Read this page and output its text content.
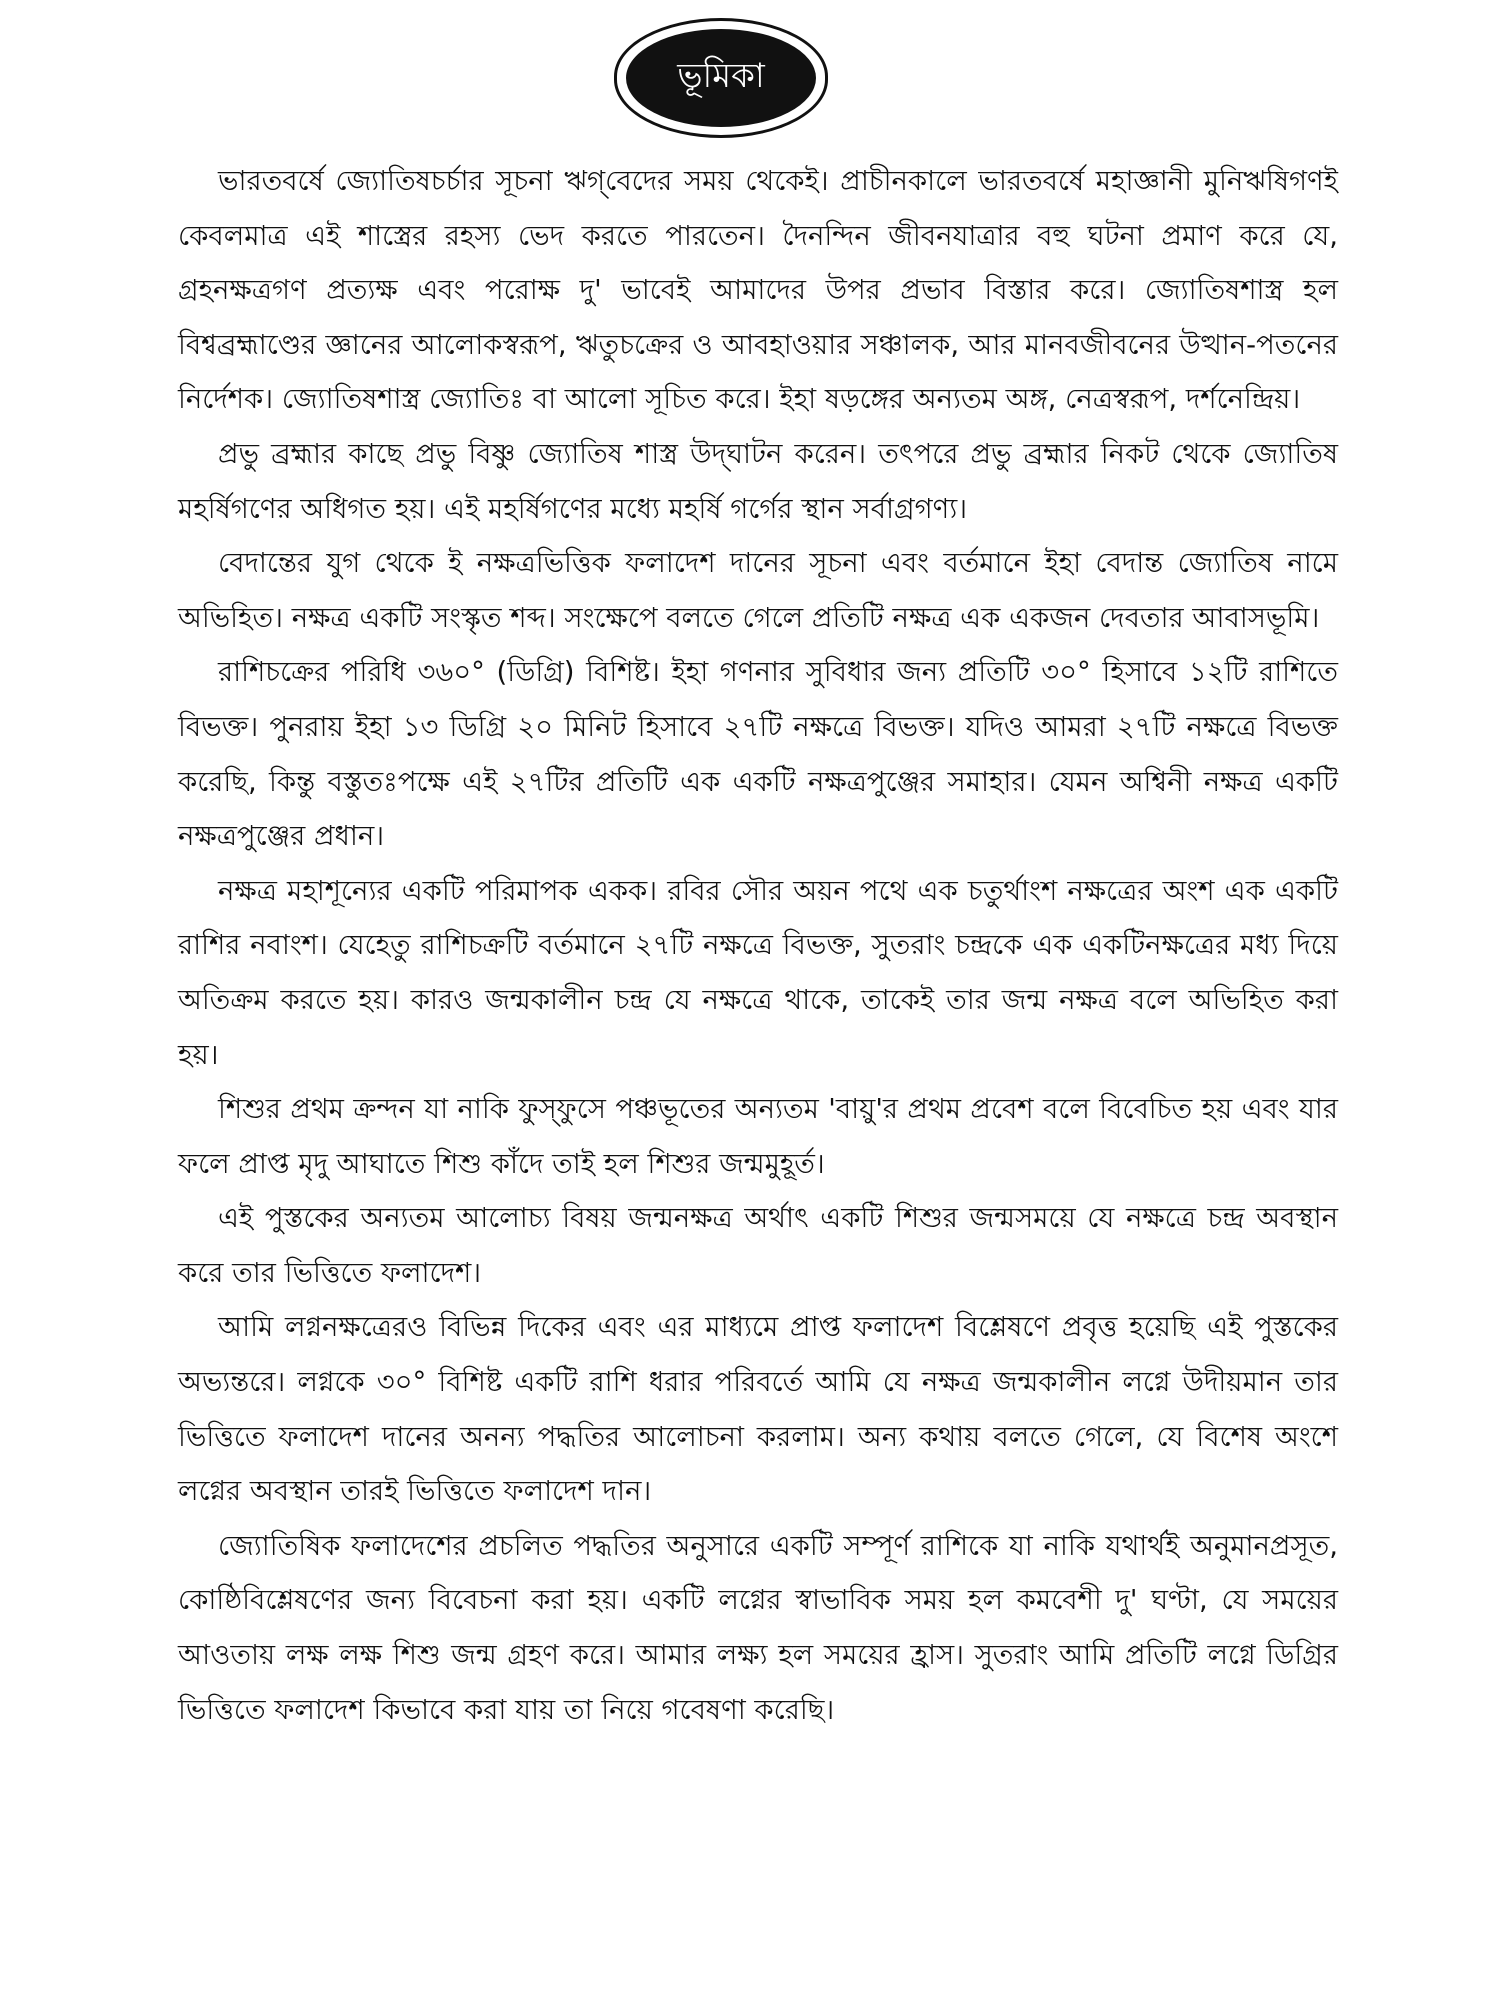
ভূমিকা

ভারতবর্ষে জ্যোতিষচর্চার সূচনা ঋগ্‌বেদের সময় থেকেই। প্রাচীনকালে ভারতবর্ষে মহাজ্ঞানী মুনিঋষিগণই কেবলমাত্র এই শাস্ত্রের রহস্য ভেদ করতে পারতেন। দৈনন্দিন জীবনযাত্রার বহু ঘটনা প্রমাণ করে যে, গ্রহনক্ষত্রগণ প্রত্যক্ষ এবং পরোক্ষ দু' ভাবেই আমাদের উপর প্রভাব বিস্তার করে। জ্যোতিষশাস্ত্র হল বিশ্বব্রহ্মাণ্ডের জ্ঞানের আলোকস্বরূপ, ঋতুচক্রের ও আবহাওয়ার সঞ্চালক, আর মানবজীবনের উত্থান-পতনের নির্দেশক। জ্যোতিষশাস্ত্র জ্যোতিঃ বা আলো সূচিত করে। ইহা ষড়ঙ্গের অন্যতম অঙ্গ, নেত্রস্বরূপ, দর্শনেন্দ্রিয়।

প্রভু ব্রহ্মার কাছে প্রভু বিষ্ণু জ্যোতিষ শাস্ত্র উদ্‌ঘাটন করেন। তৎপরে প্রভু ব্রহ্মার নিকট থেকে জ্যোতিষ মহর্ষিগণের অধিগত হয়। এই মহর্ষিগণের মধ্যে মহর্ষি গর্গের স্থান সর্বাগ্রগণ্য।

বেদান্তের যুগ থেকে ই নক্ষত্রভিত্তিক ফলাদেশ দানের সূচনা এবং বর্তমানে ইহা বেদান্ত জ্যোতিষ নামে অভিহিত। নক্ষত্র একটি সংস্কৃত শব্দ। সংক্ষেপে বলতে গেলে প্রতিটি নক্ষত্র এক একজন দেবতার আবাসভূমি।

রাশিচক্রের পরিধি ৩৬০° (ডিগ্রি) বিশিষ্ট। ইহা গণনার সুবিধার জন্য প্রতিটি ৩০° হিসাবে ১২টি রাশিতে বিভক্ত। পুনরায় ইহা ১৩ ডিগ্রি ২০ মিনিট হিসাবে ২৭টি নক্ষত্রে বিভক্ত। যদিও আমরা ২৭টি নক্ষত্রে বিভক্ত করেছি, কিন্তু বস্তুতঃপক্ষে এই ২৭টির প্রতিটি এক একটি নক্ষত্রপুঞ্জের সমাহার। যেমন অশ্বিনী নক্ষত্র একটি নক্ষত্রপুঞ্জের প্রধান।

নক্ষত্র মহাশূন্যের একটি পরিমাপক একক। রবির সৌর অয়ন পথে এক চতুর্থাংশ নক্ষত্রের অংশ এক একটি রাশির নবাংশ। যেহেতু রাশিচক্রটি বর্তমানে ২৭টি নক্ষত্রে বিভক্ত, সুতরাং চন্দ্রকে এক একটিনক্ষত্রের মধ্য দিয়ে অতিক্রম করতে হয়। কারও জন্মকালীন চন্দ্র যে নক্ষত্রে থাকে, তাকেই তার জন্ম নক্ষত্র বলে অভিহিত করা হয়।

শিশুর প্রথম ক্রন্দন যা নাকি ফুস্‌ফুসে পঞ্চভূতের অন্যতম 'বায়ু'র প্রথম প্রবেশ বলে বিবেচিত হয় এবং যার ফলে প্রাপ্ত মৃদু আঘাতে শিশু কাঁদে তাই হল শিশুর জন্মমুহূর্ত।

এই পুস্তকের অন্যতম আলোচ্য বিষয় জন্মনক্ষত্র অর্থাৎ একটি শিশুর জন্মসময়ে যে নক্ষত্রে চন্দ্র অবস্থান করে তার ভিত্তিতে ফলাদেশ।

আমি লগ্ননক্ষত্রেরও বিভিন্ন দিকের এবং এর মাধ্যমে প্রাপ্ত ফলাদেশ বিশ্লেষণে প্রবৃত্ত হয়েছি এই পুস্তকের অভ্যন্তরে। লগ্নকে ৩০° বিশিষ্ট একটি রাশি ধরার পরিবর্তে আমি যে নক্ষত্র জন্মকালীন লগ্নে উদীয়মান তার ভিত্তিতে ফলাদেশ দানের অনন্য পদ্ধতির আলোচনা করলাম। অন্য কথায় বলতে গেলে, যে বিশেষ অংশে লগ্নের অবস্থান তারই ভিত্তিতে ফলাদেশ দান।

জ্যোতিষিক ফলাদেশের প্রচলিত পদ্ধতির অনুসারে একটি সম্পূর্ণ রাশিকে যা নাকি যথার্থই অনুমানপ্রসূত, কোষ্ঠিবিশ্লেষণের জন্য বিবেচনা করা হয়। একটি লগ্নের স্বাভাবিক সময় হল কমবেশী দু' ঘণ্টা, যে সময়ের আওতায় লক্ষ লক্ষ শিশু জন্ম গ্রহণ করে। আমার লক্ষ্য হল সময়ের হ্রাস। সুতরাং আমি প্রতিটি লগ্নে ডিগ্রির ভিত্তিতে ফলাদেশ কিভাবে করা যায় তা নিয়ে গবেষণা করেছি।
